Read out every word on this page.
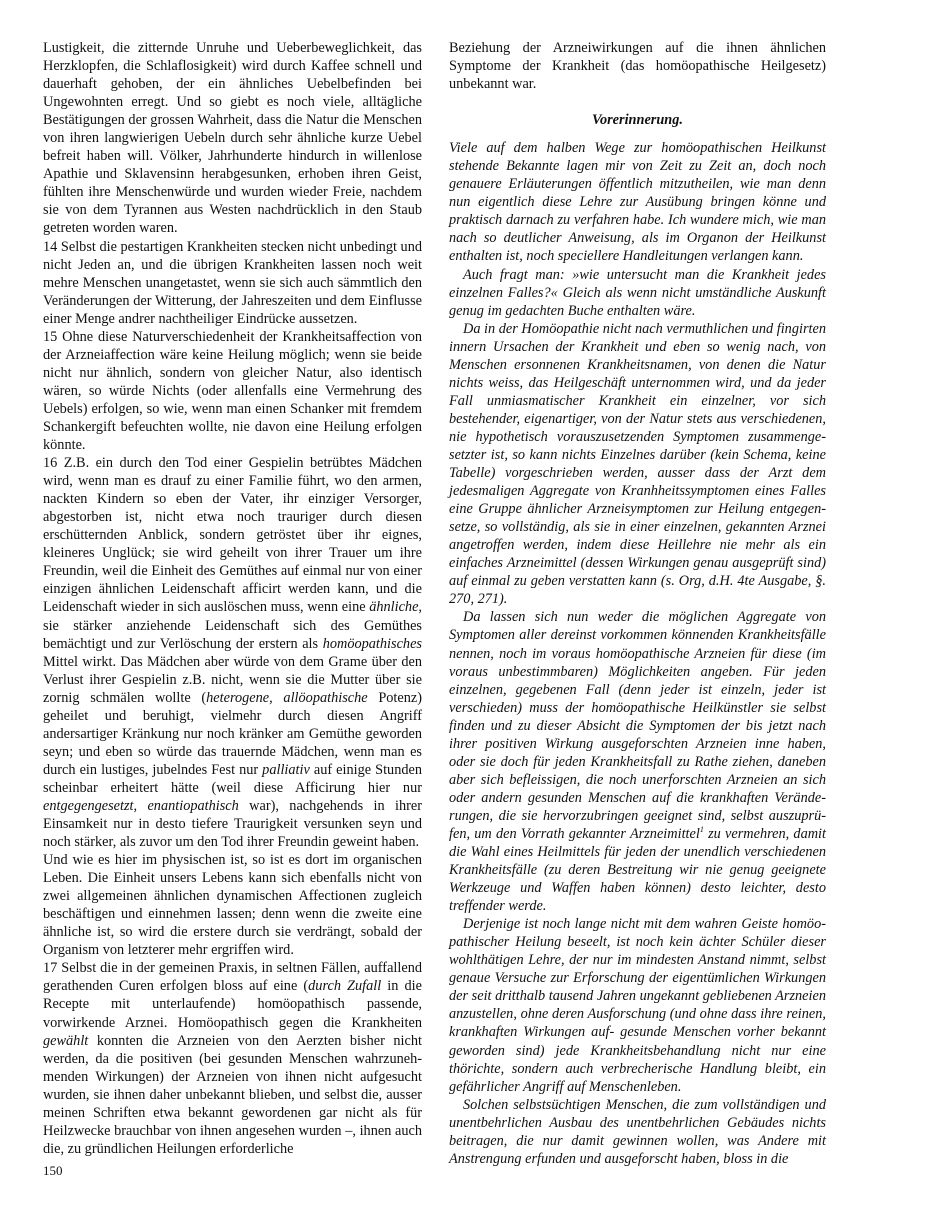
Lustigkeit, die zitternde Unruhe und Ueberbeweglichkeit, das Herzklopfen, die Schlaflosigkeit) wird durch Kaffee schnell und dauerhaft gehoben, der ein ähnliches Uebelbefinden bei Ungewohnten erregt. Und so giebt es noch viele, alltägliche Bestätigungen der grossen Wahrheit, dass die Natur die Menschen von ihren langwierigen Uebeln durch sehr ähnliche kurze Uebel befreit haben will. Völker, Jahrhunderte hindurch in willenlose Apathie und Sklavensinn herabgesunken, erhoben ihren Geist, fühlten ihre Menschenwürde und wurden wieder Freie, nachdem sie von dem Tyrannen aus Westen nachdrücklich in den Staub getreten worden waren.

14 Selbst die pestartigen Krankheiten stecken nicht unbedingt und nicht Jeden an, und die übrigen Krankheiten lassen noch weit mehre Menschen unangetastet, wenn sie sich auch sämmtlich den Veränderungen der Witterung, der Jahreszeiten und dem Einflusse einer Menge andrer nachtheiliger Eindrücke aussetzen.

15 Ohne diese Naturverschiedenheit der Krankheitsaffection von der Arzneiaffection wäre keine Heilung möglich; wenn sie beide nicht nur ähnlich, sondern von gleicher Natur, also identisch wären, so würde Nichts (oder allenfalls eine Vermehrung des Uebels) erfolgen, so wie, wenn man einen Schanker mit fremdem Schankergift befeuchten wollte, nie davon eine Heilung erfolgen könnte.

16 Z.B. ein durch den Tod einer Gespielin betrübtes Mädchen wird, wenn man es drauf zu einer Familie führt, wo den armen, nackten Kindern so eben der Vater, ihr einziger Versorger, abgestorben ist, nicht etwa noch trauriger durch diesen erschütternden Anblick, sondern getröstet über ihr eignes, kleineres Unglück; sie wird geheilt von ihrer Trauer um ihre Freundin, weil die Einheit des Gemüthes auf einmal nur von einer einzigen ähnlichen Leidenschaft afficirt werden kann, und die Leidenschaft wieder in sich auslöschen muss, wenn eine ähnliche, sie stärker anziehende Leidenschaft sich des Gemüthes bemächtigt und zur Verlöschung der erstern als homöopathisches Mittel wirkt. Das Mädchen aber würde von dem Grame über den Verlust ihrer Gespielin z.B. nicht, wenn sie die Mutter über sie zornig schmälen wollte (heterogene, allöopathische Potenz) geheilet und beruhigt, vielmehr durch diesen Angriff andersartiger Kränkung nur noch kränker am Gemüthe geworden seyn; und eben so würde das trauernde Mädchen, wenn man es durch ein lustiges, jubelndes Fest nur palliativ auf einige Stunden scheinbar erheitert hätte (weil diese Afficirung hier nur entgegengesetzt, enantiopathisch war), nachgehends in ihrer Einsamkeit nur in desto tiefere Traurigkeit versunken seyn und noch stärker, als zuvor um den Tod ihrer Freundin geweint haben.

Und wie es hier im physischen ist, so ist es dort im organischen Leben. Die Einheit unsers Lebens kann sich ebenfalls nicht von zwei allgemeinen ähnlichen dynamischen Affectionen zugleich beschäftigen und einnehmen lassen; denn wenn die zweite eine ähnliche ist, so wird die erstere durch sie verdrängt, sobald der Organism von letzterer mehr ergriffen wird.

17 Selbst die in der gemeinen Praxis, in seltnen Fällen, auffallend gerathenden Curen erfolgen bloss auf eine (durch Zufall in die Recepte mit unterlaufende) homöopathisch passende, vorwirkende Arznei. Homöopathisch gegen die Krankheiten gewählt konnten die Arzneien von den Aerzten bisher nicht werden, da die positiven (bei gesunden Menschen wahrzunehmenden Wirkungen) der Arzneien von ihnen nicht aufgesucht wurden, sie ihnen daher unbekannt blieben, und selbst die, ausser meinen Schriften etwa bekannt gewordenen gar nicht als für Heilzwecke brauchbar von ihnen angesehen wurden –, ihnen auch die, zu gründlichen Heilungen erforderliche

Beziehung der Arzneiwirkungen auf die ihnen ähnlichen Symptome der Krankheit (das homöopathische Heilgesetz) unbekannt war.

Vorerinnerung.

Viele auf dem halben Wege zur homöopathischen Heilkunst stehende Bekannte lagen mir von Zeit zu Zeit an, doch noch genauere Erläuterungen öffentlich mitzutheilen, wie man denn nun eigentlich diese Lehre zur Ausübung bringen könne und praktisch darnach zu verfahren habe. Ich wundere mich, wie man nach so deutlicher Anweisung, als im Organon der Heilkunst enthalten ist, noch speciellere Handleitungen verlangen kann.

Auch fragt man: »wie untersucht man die Krankheit jedes einzelnen Falles?« Gleich als wenn nicht umständliche Auskunft genug im gedachten Buche enthalten wäre.

Da in der Homöopathie nicht nach vermuthlichen und fingirten innern Ursachen der Krankheit und eben so wenig nach, von Menschen ersonnenen Krankheitsnamen, von denen die Natur nichts weiss, das Heilgeschäft unternommen wird, und da jeder Fall unmiasmatischer Krankheit ein einzelner, vor sich bestehender, eigenartiger, von der Natur stets aus verschiedenen, nie hypothetisch vorauszusetzenden Symptomen zusammengesetzter ist, so kann nichts Einzelnes darüber (kein Schema, keine Tabelle) vorgeschrieben werden, ausser dass der Arzt dem jedesmaligen Aggregate von Kranhheitssymptomen eines Falles eine Gruppe ähnlicher Arzneisymptomen zur Heilung entgegensetze, so vollständig, als sie in einer einzelnen, gekannten Arznei angetroffen werden, indem diese Heillehre nie mehr als ein einfaches Arzneimittel (dessen Wirkungen genau ausgeprüft sind) auf einmal zu geben verstatten kann (s. Org, d.H. 4te Ausgabe, §. 270, 271).

Da lassen sich nun weder die möglichen Aggregate von Symptomen aller dereinst vorkommen könnenden Krankheitsfälle nennen, noch im voraus homöopathische Arzneien für diese (im voraus unbestimmbaren) Möglichkeiten angeben. Für jeden einzelnen, gegebenen Fall (denn jeder ist einzeln, jeder ist verschieden) muss der homöopathische Heilkünstler sie selbst finden und zu dieser Absicht die Symptomen der bis jetzt nach ihrer positiven Wirkung ausgeforschten Arzneien inne haben, oder sie doch für jeden Krankheitsfall zu Rathe ziehen, daneben aber sich befleissigen, die noch unerforschten Arzneien an sich oder andern gesunden Menschen auf die krankhaften Veränderungen, die sie hervorzubringen geeignet sind, selbst auszuprüfen, um den Vorrath gekannter Arzneimittel$^1$ zu vermehren, damit die Wahl eines Heilmittels für jeden der unendlich verschiedenen Krankheitsfälle (zu deren Bestreitung wir nie genug geeignete Werkzeuge und Waffen haben können) desto leichter, desto treffender werde.

Derjenige ist noch lange nicht mit dem wahren Geiste homöopathischer Heilung beseelt, ist noch kein ächter Schüler dieser wohlthätigen Lehre, der nur im mindesten Anstand nimmt, selbst genaue Versuche zur Erforschung der eigentümlichen Wirkungen der seit dritthalb tausend Jahren ungekannt gebliebenen Arzneien anzustellen, ohne deren Ausforschung (und ohne dass ihre reinen, krankhaften Wirkungen auf- gesunde Menschen vorher bekannt geworden sind) jede Krankheitsbehandlung nicht nur eine thörichte, sondern auch verbrecherische Handlung bleibt, ein gefährlicher Angriff auf Menschenleben.

Solchen selbstsüchtigen Menschen, die zum vollständigen und unentbehrlichen Ausbau des unentbehrlichen Gebäudes nichts beitragen, die nur damit gewinnen wollen, was Andere mit Anstrengung erfunden und ausgeforscht haben, bloss in die

150
